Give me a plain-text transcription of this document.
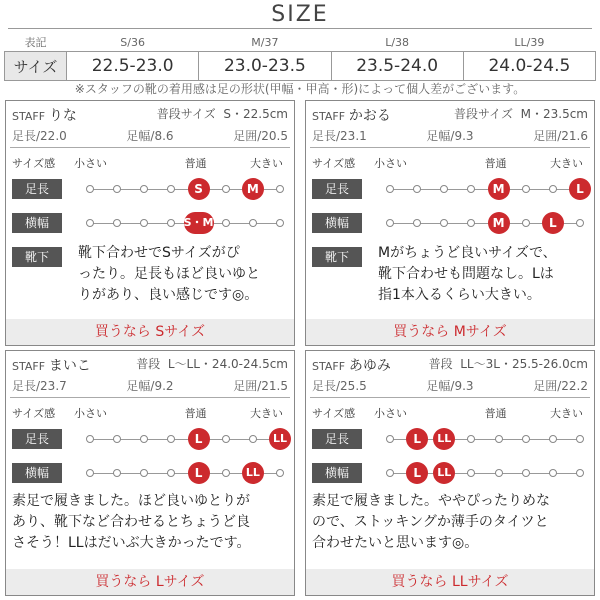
SIZE
表記	S/36	M/37	L/38	LL/39
サイズ	22.5-23.0	23.0-23.5	23.5-24.0	24.0-24.5
※スタッフの靴の着用感は足の形状(甲幅・甲高・形)によって個人差がございます。
STAFF りな	普段サイズ S・22.5cm
足長/22.0	足幅/8.6	足囲/20.5
サイズ感 小さい	普通	大きい
足長	S	M
横幅	S・M
靴下	靴下合わせでSサイズがぴ
ったり。足長もほど良いゆと
りがあり、良い感じです◎。
買うなら Sサイズ
STAFF かおる	普段サイズ M・23.5cm
足長/23.1	足幅/9.3	足囲/21.6
サイズ感 小さい	普通	大きい
足長	M	L
横幅	M	L
靴下	Mがちょうど良いサイズで、
靴下合わせも問題なし。Lは
指1本入るくらい大きい。
買うなら Mサイズ
STAFF まいこ	普段 L〜LL・24.0-24.5cm
足長/23.7	足幅/9.2	足囲/21.5
サイズ感 小さい	普通	大きい
足長	L	LL
横幅	L	LL
素足で履きました。ほど良いゆとりが
あり、靴下など合わせるとちょうど良
さそう！LLはだいぶ大きかったです。
買うなら Lサイズ
STAFF あゆみ	普段 LL〜3L・25.5-26.0cm
足長/25.5	足幅/9.3	足囲/22.2
サイズ感 小さい	普通	大きい
足長	L	LL
横幅	L	LL
素足で履きました。ややぴったりめな
ので、ストッキングか薄手のタイツと
合わせたいと思います◎。
買うなら LLサイズ
